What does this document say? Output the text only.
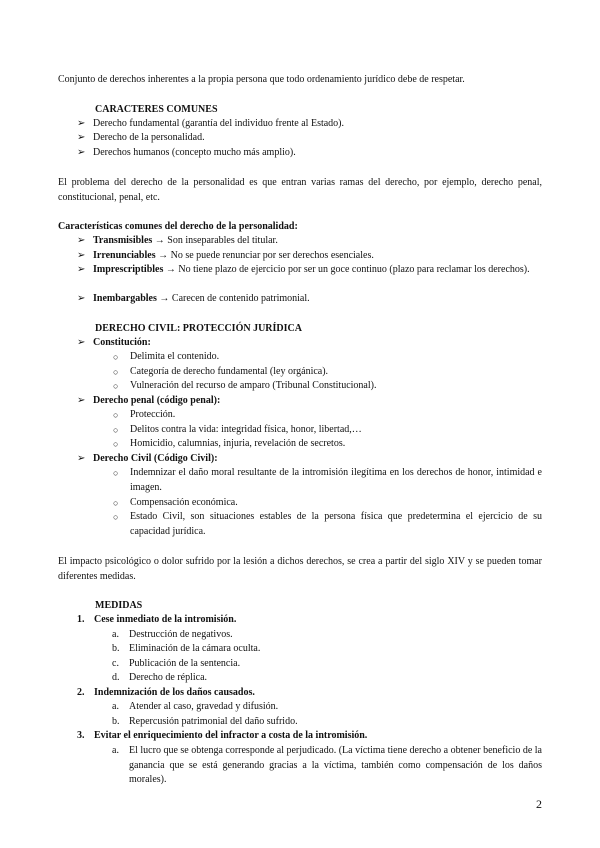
Conjunto de derechos inherentes a la propia persona que todo ordenamiento jurídico debe de respetar.

CARACTERES COMUNES

➢ Derecho fundamental (garantía del individuo frente al Estado).
➢ Derecho de la personalidad.
➢ Derechos humanos (concepto mucho más amplio).

El problema del derecho de la personalidad es que entran varias ramas del derecho, por ejemplo, derecho penal, constitucional, penal, etc.

Características comunes del derecho de la personalidad:

➢ Transmisibles → Son inseparables del titular.
➢ Irrenunciables → No se puede renunciar por ser derechos esenciales.
➢ Imprescriptibles → No tiene plazo de ejercicio por ser un goce continuo (plazo para reclamar los derechos).
➢ Inembargables → Carecen de contenido patrimonial.

DERECHO CIVIL: PROTECCIÓN JURÍDICA

➢ Constitución:
○ Delimita el contenido.
○ Categoría de derecho fundamental (ley orgánica).
○ Vulneración del recurso de amparo (Tribunal Constitucional).
➢ Derecho penal (código penal):
○ Protección.
○ Delitos contra la vida: integridad física, honor, libertad,…
○ Homicidio, calumnias, injuria, revelación de secretos.
➢ Derecho Civil (Código Civil):
○ Indemnizar el daño moral resultante de la intromisión ilegítima en los derechos de honor, intimidad e imagen.
○ Compensación económica.
○ Estado Civil, son situaciones estables de la persona física que predetermina el ejercicio de su capacidad jurídica.

El impacto psicológico o dolor sufrido por la lesión a dichos derechos, se crea a partir del siglo XIV y se pueden tomar diferentes medidas.

MEDIDAS

1. Cese inmediato de la intromisión.
a. Destrucción de negativos.
b. Eliminación de la cámara oculta.
c. Publicación de la sentencia.
d. Derecho de réplica.
2. Indemnización de los daños causados.
a. Atender al caso, gravedad y difusión.
b. Repercusión patrimonial del daño sufrido.
3. Evitar el enriquecimiento del infractor a costa de la intromisión.
a. El lucro que se obtenga corresponde al perjudicado. (La víctima tiene derecho a obtener beneficio de la ganancia que se está generando gracias a la víctima, también como compensación de los daños morales).
2
